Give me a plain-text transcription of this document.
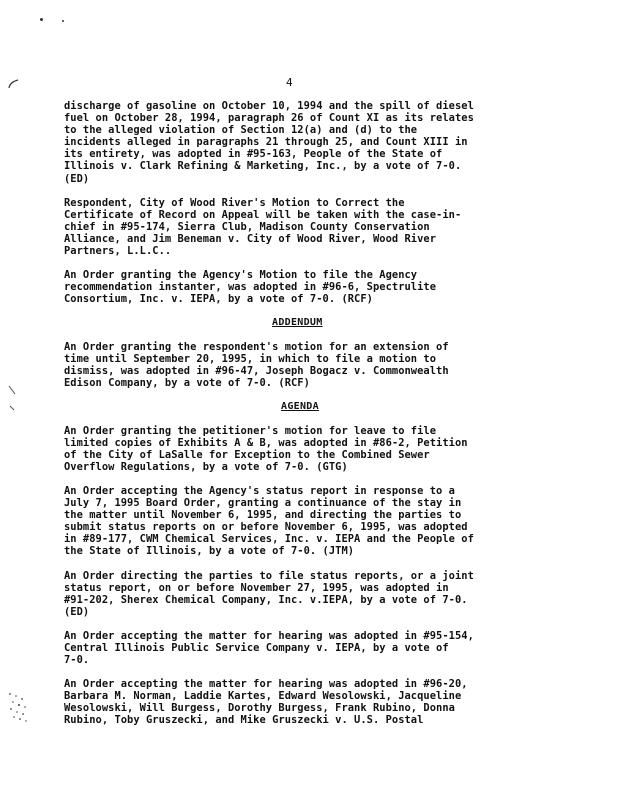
4
discharge of gasoline on October 10, 1994 and the spill of diesel
fuel on October 28, 1994, paragraph 26 of Count XI as its relates
to the alleged violation of Section 12(a) and (d) to the
incidents alleged in paragraphs 21 through 25, and Count XIII in
its entirety, was adopted in #95-163, People of the State of
Illinois v. Clark Refining & Marketing, Inc., by a vote of 7-0.
(ED)
Respondent, City of Wood River's Motion to Correct the
Certificate of Record on Appeal will be taken with the case-in-
chief in #95-174, Sierra Club, Madison County Conservation
Alliance, and Jim Beneman v. City of Wood River, Wood River
Partners, L.L.C..
An Order granting the Agency's Motion to file the Agency
recommendation instanter, was adopted in #96-6, Spectrulite
Consortium, Inc. v. IEPA, by a vote of 7-0. (RCF)
ADDENDUM
An Order granting the respondent's motion for an extension of
time until September 20, 1995, in which to file a motion to
dismiss, was adopted in #96-47, Joseph Bogacz v. Commonwealth
Edison Company, by a vote of 7-0. (RCF)
AGENDA
An Order granting the petitioner's motion for leave to file
limited copies of Exhibits A & B, was adopted in #86-2, Petition
of the City of LaSalle for Exception to the Combined Sewer
Overflow Regulations, by a vote of 7-0. (GTG)
An Order accepting the Agency's status report in response to a
July 7, 1995 Board Order, granting a continuance of the stay in
the matter until November 6, 1995, and directing the parties to
submit status reports on or before November 6, 1995, was adopted
in #89-177, CWM Chemical Services, Inc. v. IEPA and the People of
the State of Illinois, by a vote of 7-0. (JTM)
An Order directing the parties to file status reports, or a joint
status report, on or before November 27, 1995, was adopted in
#91-202, Sherex Chemical Company, Inc. v.IEPA, by a vote of 7-0.
(ED)
An Order accepting the matter for hearing was adopted in #95-154,
Central Illinois Public Service Company v. IEPA, by a vote of
7-0.
An Order accepting the matter for hearing was adopted in #96-20,
Barbara M. Norman, Laddie Kartes, Edward Wesolowski, Jacqueline
Wesolowski, Will Burgess, Dorothy Burgess, Frank Rubino, Donna
Rubino, Toby Gruszecki, and Mike Gruszecki v. U.S. Postal
